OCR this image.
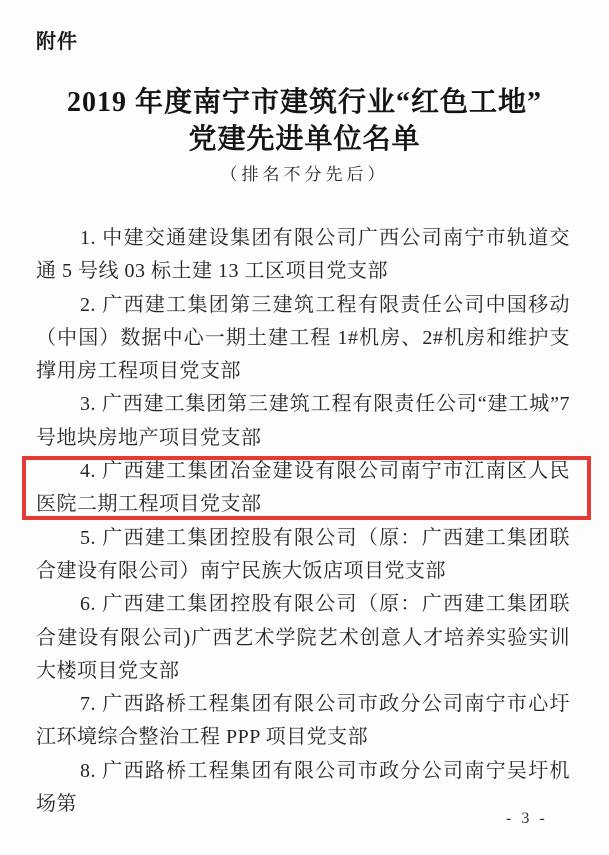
附件
2019 年度南宁市建筑行业“红色工地”
党建先进单位名单
（排名不分先后）

1. 中建交通建设集团有限公司广西公司南宁市轨道交通 5 号线 03 标土建 13 工区项目党支部

2. 广西建工集团第三建筑工程有限责任公司中国移动（中国）数据中心一期土建工程 1#机房、2#机房和维护支撑用房工程项目党支部

3. 广西建工集团第三建筑工程有限责任公司“建工城”7 号地块房地产项目党支部

4. 广西建工集团冶金建设有限公司南宁市江南区人民医院二期工程项目党支部

5. 广西建工集团控股有限公司（原：广西建工集团联合建设有限公司）南宁民族大饭店项目党支部

6. 广西建工集团控股有限公司（原：广西建工集团联合建设有限公司)广西艺术学院艺术创意人才培养实验实训大楼项目党支部

7. 广西路桥工程集团有限公司市政分公司南宁市心圩江环境综合整治工程 PPP 项目党支部

8. 广西路桥工程集团有限公司市政分公司南宁吴圩机场第

- 3 -
